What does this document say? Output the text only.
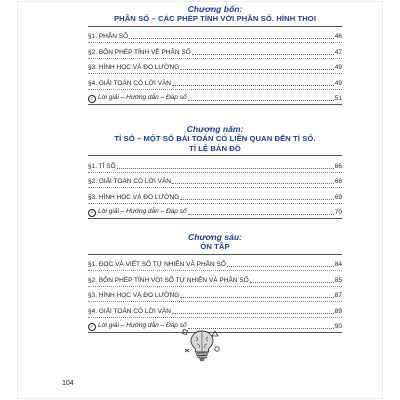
Chương bốn:
PHÂN SỐ – CÁC PHÉP TÍNH VỚI PHÂN SỐ. HÌNH THOI
§1. PHÂN SỐ	46
§2. BỐN PHÉP TÍNH VỀ PHÂN SỐ	47
§3. HÌNH HỌC VÀ ĐO LƯỜNG	49
§4. GIẢI TOÁN CÓ LỜI VĂN	49
✓ Lời giải – Hướng dẫn – Đáp số	51
Chương năm:
TỈ SỐ – MỘT SỐ BÀI TOÁN CÓ LIÊN QUAN ĐẾN TỈ SỐ.
TỈ LỆ BẢN ĐỒ
§1. TỈ SỐ	66
§2. GIẢI TOÁN CÓ LỜI VĂN	66
§3. HÌNH HỌC VÀ ĐO LƯỜNG	69
✓ Lời giải – Hướng dẫn – Đáp số	70
Chương sáu:
ÔN TẬP
§1. ĐỌC VÀ VIẾT SỐ TỰ NHIÊN VÀ PHÂN SỐ	84
§2. BỐN PHÉP TÍNH VỚI SỐ TỰ NHIÊN VÀ PHÂN SỐ	85
§3. HÌNH HỌC VÀ ĐO LƯỜNG	87
§4. GIẢI TOÁN CÓ LỜI VĂN	89
✓ Lời giải – Hướng dẫn – Đáp số	90
104
